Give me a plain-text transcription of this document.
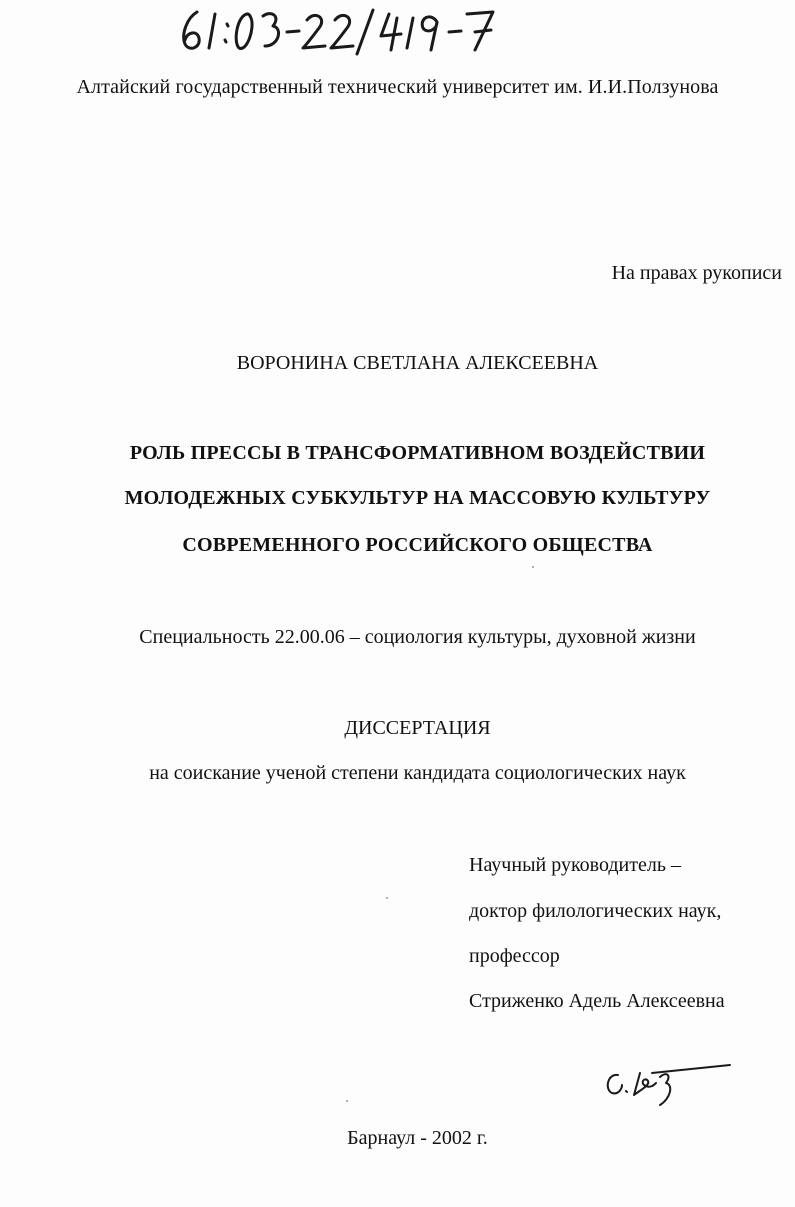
Алтайский государственный технический университет им. И.И.Ползунова
На правах рукописи
ВОРОНИНА СВЕТЛАНА АЛЕКСЕЕВНА
РОЛЬ ПРЕССЫ В ТРАНСФОРМАТИВНОМ ВОЗДЕЙСТВИИ
МОЛОДЕЖНЫХ СУБКУЛЬТУР НА МАССОВУЮ КУЛЬТУРУ
СОВРЕМЕННОГО РОССИЙСКОГО ОБЩЕСТВА
Специальность 22.00.06 – социология культуры, духовной жизни
ДИССЕРТАЦИЯ
на соискание ученой степени кандидата социологических наук
Научный руководитель –
доктор филологических наук,
профессор
Стриженко Адель Алексеевна
Барнаул - 2002 г.
